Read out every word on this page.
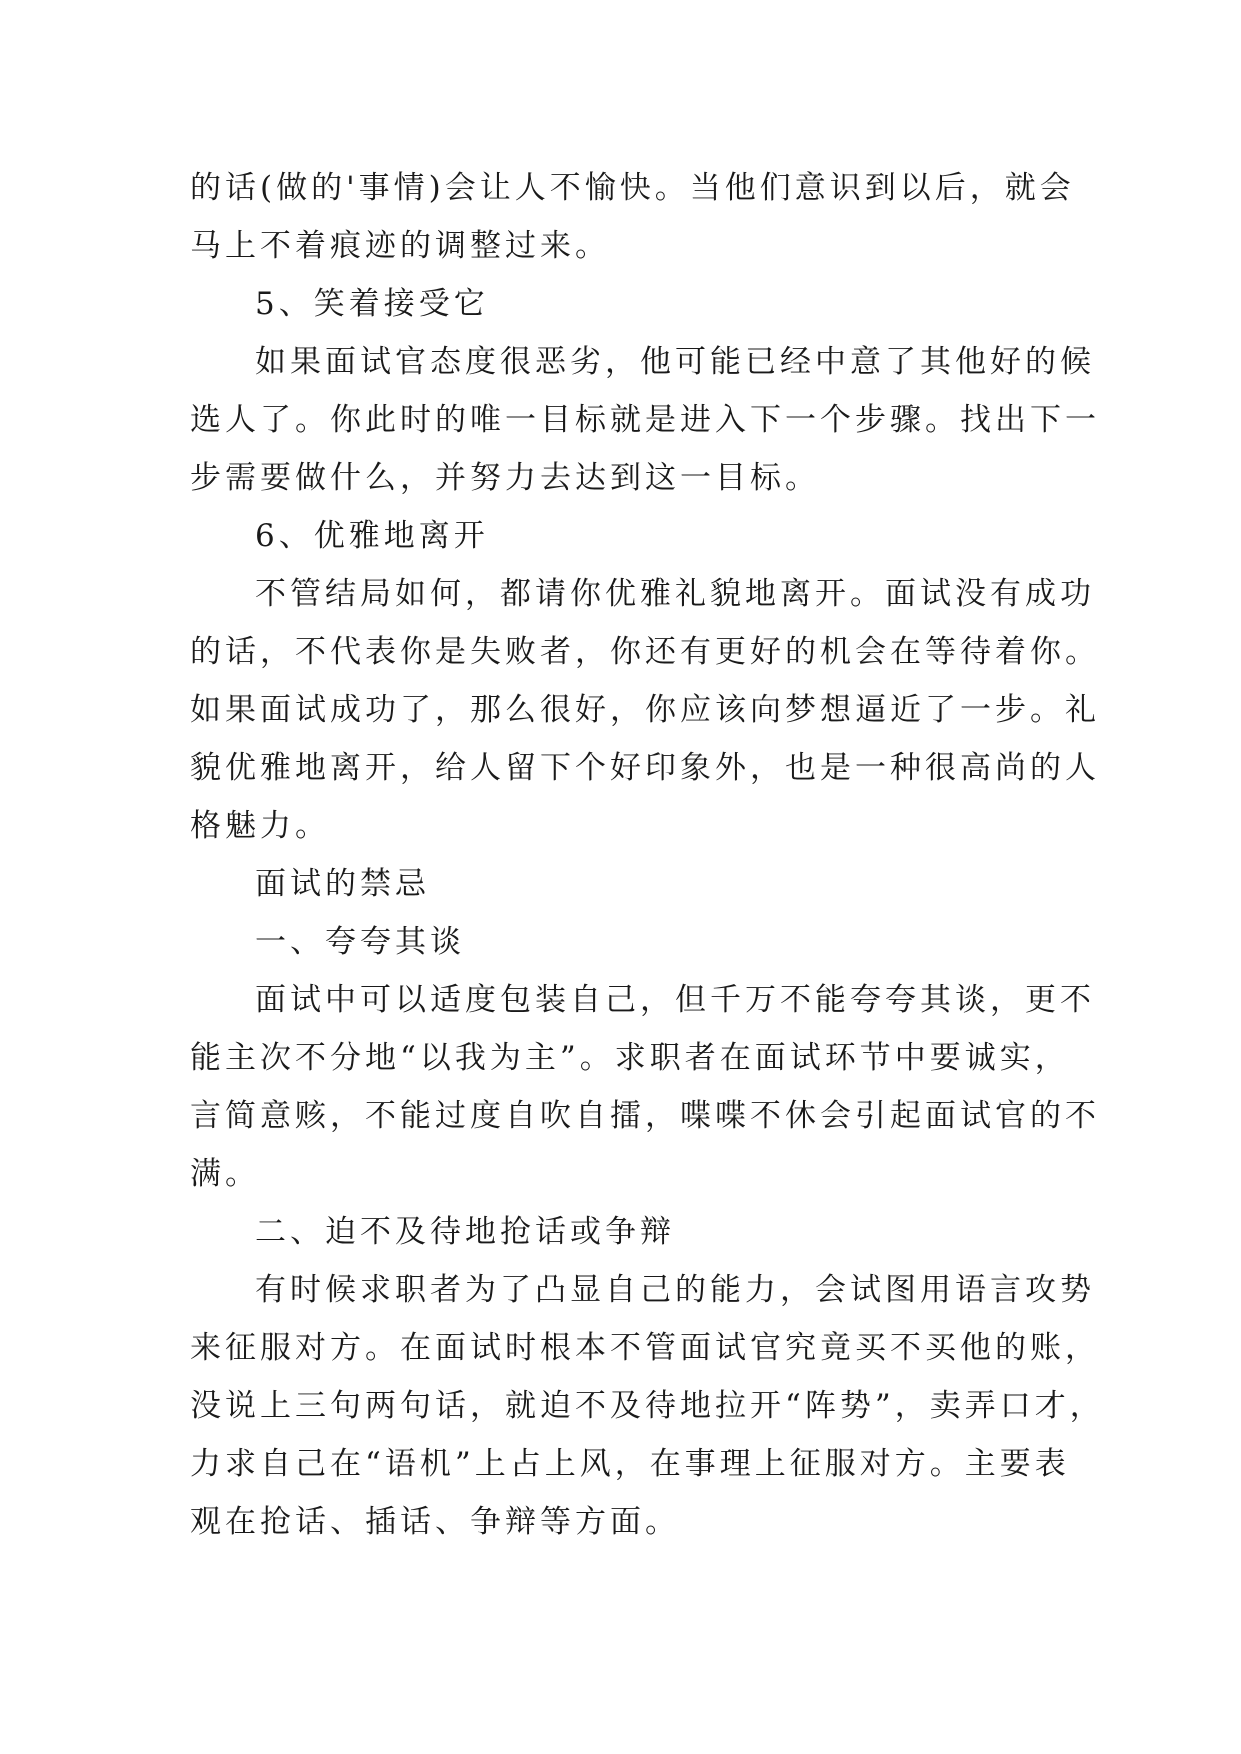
的话(做的'事情)会让人不愉快。当他们意识到以后，就会
马上不着痕迹的调整过来。
5、笑着接受它
如果面试官态度很恶劣，他可能已经中意了其他好的候
选人了。你此时的唯一目标就是进入下一个步骤。找出下一
步需要做什么，并努力去达到这一目标。
6、优雅地离开
不管结局如何，都请你优雅礼貌地离开。面试没有成功
的话，不代表你是失败者，你还有更好的机会在等待着你。
如果面试成功了，那么很好，你应该向梦想逼近了一步。礼
貌优雅地离开，给人留下个好印象外，也是一种很高尚的人
格魅力。
面试的禁忌
一、夸夸其谈
面试中可以适度包装自己，但千万不能夸夸其谈，更不
能主次不分地“以我为主”。求职者在面试环节中要诚实，
言简意赅，不能过度自吹自擂，喋喋不休会引起面试官的不
满。
二、迫不及待地抢话或争辩
有时候求职者为了凸显自己的能力，会试图用语言攻势
来征服对方。在面试时根本不管面试官究竟买不买他的账，
没说上三句两句话，就迫不及待地拉开“阵势”，卖弄口才，
力求自己在“语机”上占上风，在事理上征服对方。主要表
观在抢话、插话、争辩等方面。
